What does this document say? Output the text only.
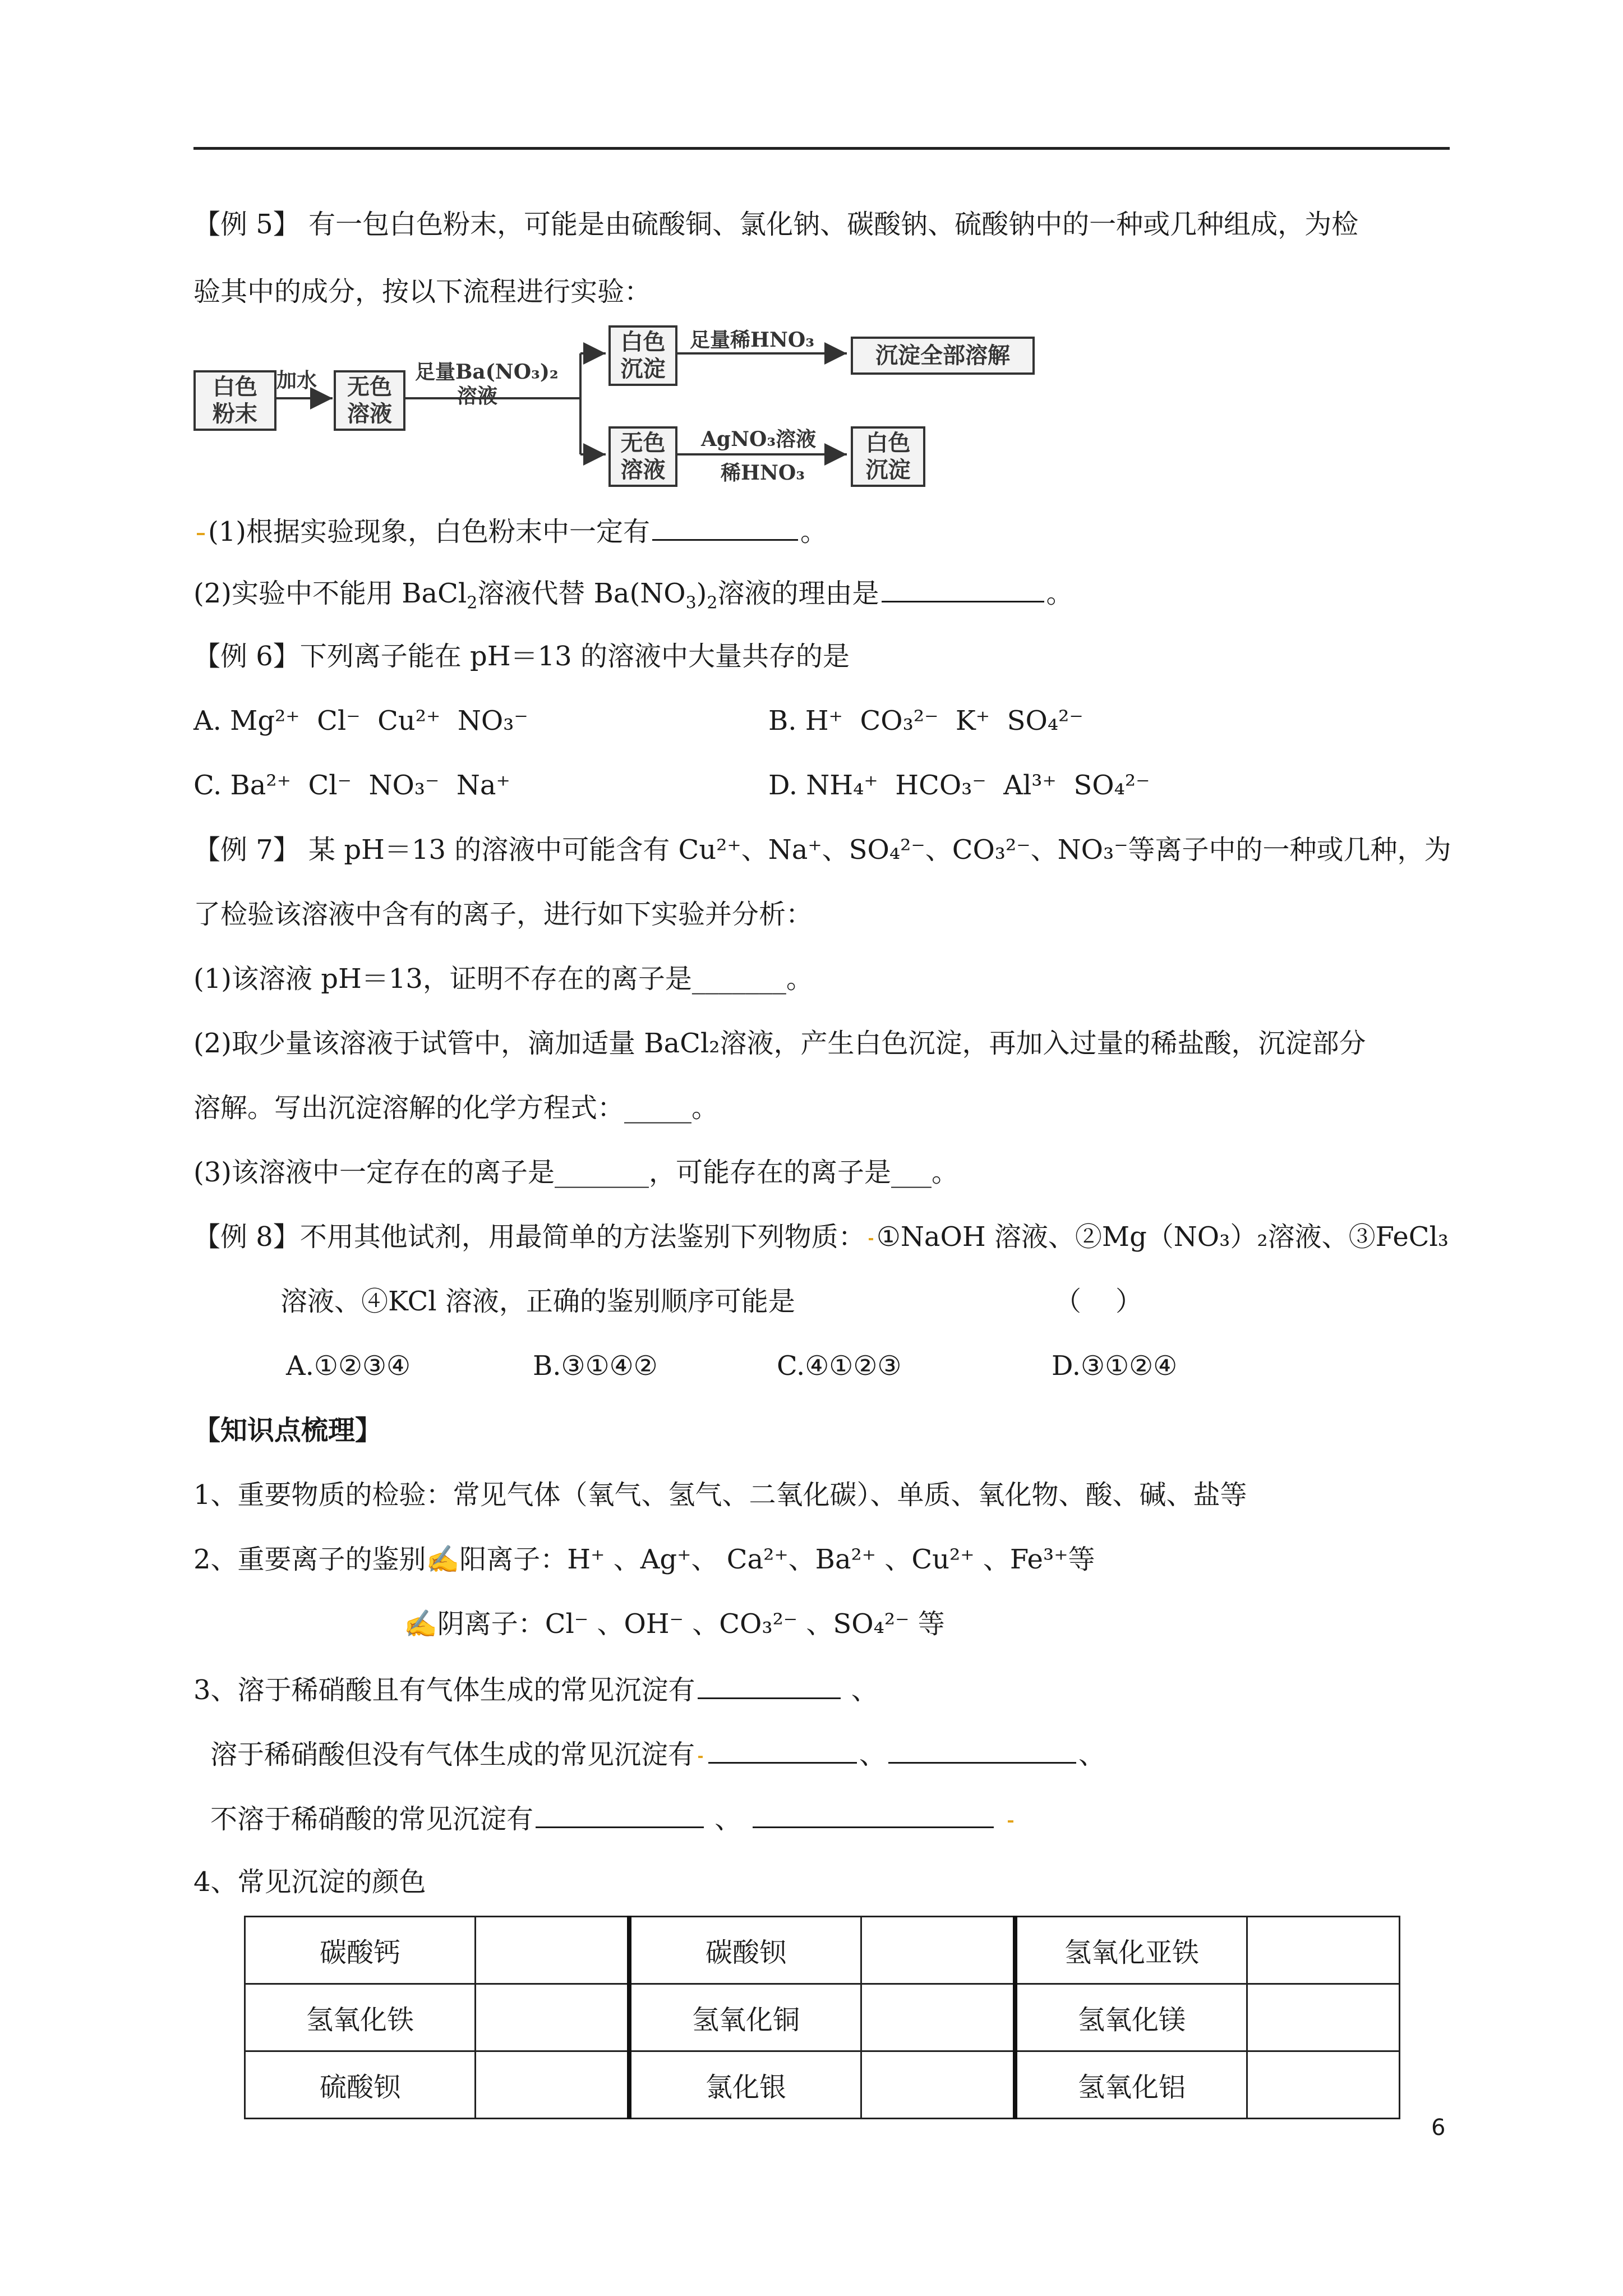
【例 5】 有一包白色粉末，可能是由硫酸铜、氯化钠、碳酸钠、硫酸钠中的一种或几种组成，为检
验其中的成分，按以下流程进行实验：
白色
粉末
加水	无色
溶液
足量Ba(NO₃)₂
溶液
白色
沉淀
足量稀HNO₃
沉淀全部溶解
无色
溶液
AgNO₃溶液
稀HNO₃
白色
沉淀
(1)根据实验现象，白色粉末中一定有	。
(2)实验中不能用 BaCl$_2$溶液代替 $Ba(NO_3)_2$溶液的理由是	。
【例 6】下列离子能在 pH＝13 的溶液中大量共存的是
A. Mg²⁺  Cl⁻  Cu²⁺  NO₃⁻	B. H⁺  CO₃²⁻  K⁺  SO₄²⁻
C. Ba²⁺  Cl⁻  NO₃⁻  Na⁺	D. NH₄⁺  HCO₃⁻  Al³⁺  SO₄²⁻
【例 7】 某 pH＝13 的溶液中可能含有 Cu²⁺、Na⁺、SO₄²⁻、CO₃²⁻、NO₃⁻等离子中的一种或几种，为
了检验该溶液中含有的离子，进行如下实验并分析：
(1)该溶液 pH＝13，证明不存在的离子是_______。
(2)取少量该溶液于试管中，滴加适量 BaCl₂溶液，产生白色沉淀，再加入过量的稀盐酸，沉淀部分
溶解。写出沉淀溶解的化学方程式：_____。
(3)该溶液中一定存在的离子是_______，可能存在的离子是___。
【例 8】不用其他试剂，用最简单的方法鉴别下列物质： ①NaOH 溶液、②Mg（NO₃）₂溶液、③FeCl₃
溶液、④KCl 溶液，正确的鉴别顺序可能是	（    ）
A.①②③④	B.③①④②	C.④①②③	D.③①②④
【知识点梳理】
1、重要物质的检验：常见气体（氧气、氢气、二氧化碳）、单质、氧化物、酸、碱、盐等
2、重要离子的鉴别✍阳离子：H⁺ 、Ag⁺、 Ca²⁺、Ba²⁺ 、Cu²⁺ 、Fe³⁺等
✍阴离子：Cl⁻ 、OH⁻ 、CO₃²⁻ 、SO₄²⁻ 等
3、溶于稀硝酸且有气体生成的常见沉淀有	、
溶于稀硝酸但没有气体生成的常见沉淀有	、	、
不溶于稀硝酸的常见沉淀有	、
4、常见沉淀的颜色
碳酸钙		碳酸钡		氢氧化亚铁	
氢氧化铁		氢氧化铜		氢氧化镁	
硫酸钡		氯化银		氢氧化铝	
6
